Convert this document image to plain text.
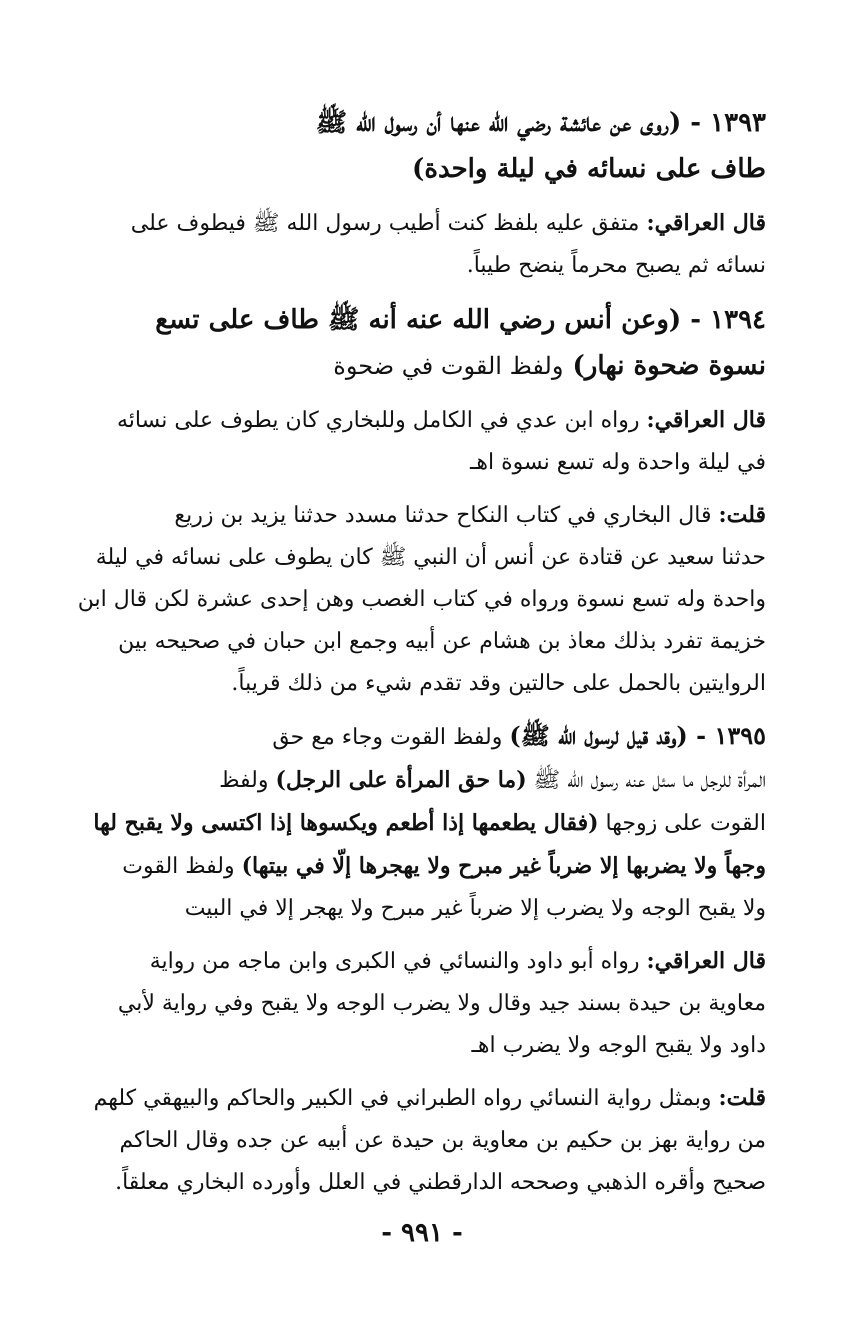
١٣٩٣ - (روى عن عائشة رضي الله عنها أن رسول الله ﷺ
طاف على نسائه في ليلة واحدة)
قال العراقي: متفق عليه بلفظ كنت أطيب رسول الله ﷺ فيطوف على
نسائه ثم يصبح محرماً ينضح طيباً.
١٣٩٤ - (وعن أنس رضي الله عنه أنه ﷺ طاف على تسع
نسوة ضحوة نهار) ولفظ القوت في ضحوة
قال العراقي: رواه ابن عدي في الكامل وللبخاري كان يطوف على نسائه
في ليلة واحدة وله تسع نسوة اهـ
قلت: قال البخاري في كتاب النكاح حدثنا مسدد حدثنا يزيد بن زريع
حدثنا سعيد عن قتادة عن أنس أن النبي ﷺ كان يطوف على نسائه في ليلة
واحدة وله تسع نسوة ورواه في كتاب الغصب وهن إحدى عشرة لكن قال ابن
خزيمة تفرد بذلك معاذ بن هشام عن أبيه وجمع ابن حبان في صحيحه بين
الروايتين بالحمل على حالتين وقد تقدم شيء من ذلك قريباً.
١٣٩٥ - (وقد قيل لرسول الله ﷺ) ولفظ القوت وجاء مع حق
المرأة للرجل ما سئل عنه رسول الله ﷺ (ما حق المرأة على الرجل) ولفظ
القوت على زوجها (فقال يطعمها إذا أطعم ويكسوها إذا اكتسى ولا يقبح لها
وجهاً ولا يضربها إلا ضرباً غير مبرح ولا يهجرها إلّا في بيتها) ولفظ القوت
ولا يقبح الوجه ولا يضرب إلا ضرباً غير مبرح ولا يهجر إلا في البيت
قال العراقي: رواه أبو داود والنسائي في الكبرى وابن ماجه من رواية
معاوية بن حيدة بسند جيد وقال ولا يضرب الوجه ولا يقبح وفي رواية لأبي
داود ولا يقبح الوجه ولا يضرب اهـ
قلت: وبمثل رواية النسائي رواه الطبراني في الكبير والحاكم والبيهقي كلهم
من رواية بهز بن حكيم بن معاوية بن حيدة عن أبيه عن جده وقال الحاكم
صحيح وأقره الذهبي وصححه الدارقطني في العلل وأورده البخاري معلقاً.
- ٩٩١ -
